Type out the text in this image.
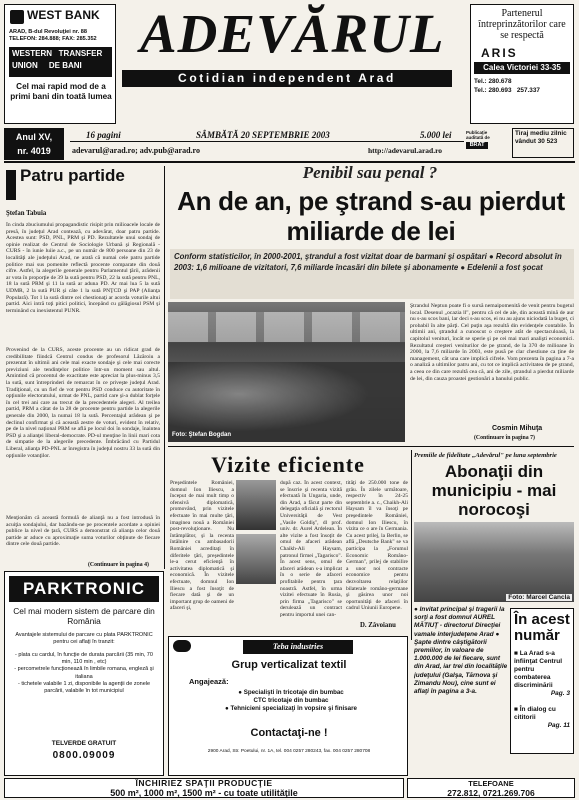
WEST BANK
ARAD, B-dul Revoluţiei nr. 88
TELEFON: 284.888; FAX: 285.352
WESTERN   TRANSFER
UNION     DE BANI
Cel mai rapid mod de a primi bani din toată lumea
ADEVĂRUL
Cotidian independent Arad
Partenerul întreprinzătorilor care se respectă
ARIS
Calea Victoriei 33-35
Tel.: 280.678
Tel.: 280.693   257.337
Anul XV,
nr. 4019
16 pagini	SÂMBĂTĂ 20 SEPTEMBRIE 2003	5.000 lei
adevarul@arad.ro; adv.pub@arad.ro	http://adevarul.arad.ro
Publicaţie auditată de
BRAT
Tiraj mediu zilnic vândut 30 523
Patru partide
Ştefan Tabuia
În cinda zbuciumului propagandistic risipit prin milioacele locale de presă, în judeţul Arad contează, cu adevărat, doar patru partide. Acestea sunt: PSD, PNL, PRM şi PD. Rezultatele unui sondaj de opinie realizat de Centrul de Sociologie Urbană şi Regională - CURS - în iunie luiie a.c., pe un număr de 800 persoane din 23 de localităţi ale judeţului Arad, ne arată că numai cele patru partide politice mai sus pomenite reflectă procente comparate din două cifre. Astfel, la alegerile generale pentru Parlamentul ţării, arădenii ar vota în proporţie de 39 la sută pentru PSD, 22 la sută pentru PNL, 18 la sută PRM şi 11 la sută ar aduna PD. Ar mai lua 5 la sută UDMR, 2 la sută PUR şi câte 1 la sută PNŢCD şi PAP (Alianţa Populară). Tot 1 la sută dintre cei chestionaţi ar acorda voturile altui partid. Aici intră toţi pitici politici, începând cu gălăgiosul PSM şi terminând cu inexistentul PUNR.
Provenind de la CURS, aceste procente au un ridicat grad de credibilitate fiindcă Centrul condus de profesorul Lăzăroiu a prezentat în ultimii ani cele mai exacte sondaje şi cele mai corecte previziuni ale tendinţelor politice într-un moment sau altul. Amintind că procentul de exactitate este apreciat la plus-minus 3,5 la sută, sunt întreprinderi de remarcat în ce priveşte judeţul Arad. Tradiţional, cu un fief de vot pentru PSD conduce cu autoritate în opţiunile electoratului, urmat de PNL, partid care şi-a dublat forţele în cel trei ani care au trecut de la precedentele alegeri. Al treilea partid, PRM a câtat de la 28 de procente pentru partide la alegerile generale din 2000, la numai 18 la sută. Percentajul arădean şi pe declinul confirmat şi că această zestre de voturi, evident în relativ, pe de la nivel naţional PRM se află pe locul doi în sondaje, înaintea PSD şi a alianţei liberal-democrate. PD-ul menţine în linii mari cota de simpatie de la alegerile precedente. Îmbrăcând cu Partidul Liberal, alianţa PD-PNL ar înregistra în judeţul nostru 33 la sută din opţiunile votanţilor.
Menţionăm că această formulă de alianţă nu a fost introdusă în acuiţia sondajului, dar bazându-ne pe procentele acordate a opiniei publice la nivel de ţară, CURS a demonstrat că alianţa celor două partide ar aduce cu aproximaţie suma voturilor obţinute de fiecare dintre cele două partide.
(Continuare în pagina 4)
Penibil sau penal ?
An de an, pe ştrand s-au pierdut miliarde de lei
Conform statisticilor, în 2000-2001, ştrandul a fost vizitat doar de barmani şi ospătari ● Record absolut în 2003: 1,6 milioane de vizitatori, 7,6 miliarde încasări din bilete şi abonamente ● Edelenii a fost şocat
Foto: Ştefan Bogdan
Ştrandul Neptun poate fi o sursă nemaipomenită de venit pentru bugetul local. Desenul „ocazia ll", pentru că cel de ale, din această mină de aur nu s-au scos bani, lar deci s-au scos, ei nu au ajuns niciodată la buget, ci probabil în alte părţi. Cel puţin aşa rezultă din evidenţele contabile. În ultimii ani, ştrandul a cunoscut o creştere atât de spectaculoasă, la capitolul venituri, încât se sperie şi pe cei mai mari analişti economici. Rezultatul creşteri veniturilor de pe ştrand, de la 370 de milioane în 2000, la 7,6 miliarde în 2003, este pusă pe clar chestiune ca ţine de management, cât una care implică cifrele. Vom prezenta în pagina a 7-a o analiză a ultimilor patru ani, cu tot ce implică activitatea de pe ştrand, a ceea ce din care rezultă cea că, ani de zile, ştrandul a pierdut miliarde de lei, din cauza proastei gestionări a banului public.
Cosmin Mihuţa
(Continuare în pagina 7)
Vizite eficiente
Preşedintele României, domnul Ion Iliescu, a început de mai mult timp o ofensivă diplomatică, promovând, prin vizitele efectuate în mai multe ţări, imaginea nouă a României post-revoluţionare. Nu întâmplător, şi la recenta întâlnire cu ambasadorii României acreditaţi în diferitele ţări, preşedintele le-a cerut eficienţă în activitatea diplomatică şi economică. În vizitele efectuate, domnul Ion Iliescu a fost însoţit de fiecare dată şi de un important grup de oameni de afaceri şi,
după caz. În acest context, se înscrie şi recenta vizită efectuată în Ungaria, unde, din Arad, a făcut parte din delegaţia oficială şi rectorul Universităţii de Vest „Vasile Goldiş", dl prof. univ. dr. Aurel Ardelean. În alte vizite a fost însoţit de omul de afaceri arădean Chaikh-Ali Haysam, patronul firmei „Tagarisco". În acest sens, omul de afaceri arădean s-a implicat în o serie de afaceri profitabile pentru ţara noastră. Astfel, în urma vizitei efectuate în Rusia, prin firma „Tagarisco" se derulează un contract pentru importul unei can-
tităţi de 250.000 tone de grâu. În zilele următoare, respectiv în 24-25 septembrie a. c., Chaikh-Ali Haysam îl va însoţi pe preşedintele României, domnul Ion Iliescu, în vizita ce o are în Germania. Cu acest prilej, la Berlin, se află „Deutsche Bank" se va participa la „Forumul Economic Româno-German", prilej de stabilire a unor noi contracte economice pentru dezvoltarea relaţiilor bilaterale româno-germane şi găsirea unor noi oportunităţi de afaceri în cadrul Uniunii Europene.
D. Zăvoianu
Premiile de fidelitate „Adevărul" pe luna septembrie
Abonaţii din municipiu - mai norocoşi
Foto: Marcel Cancla
● Invitat principal şi tragerii la sorţi a fost domnul AUREL MĂTIUŢ - directorul Direcţiei vamale interjudeţene Arad ● Şapte dintre câştigătorii premiilor, în valoare de 1.000.000 de lei fiecare, sunt din Arad, iar trei din localităţile judeţului (Galşa, Tărnova şi Zimandu Nou), cine sunt ei aflaţi în pagina a 3-a.
În acest număr
■ La Arad s-a înfiinţat Centrul pentru combaterea discriminării
Pag. 3
■ În dialog cu cititorii
Pag. 11
PARKTRONIC
Cel mai modern sistem de parcare din România
Avantajele sistemului de parcare cu plata PARKTRONIC pentru cei aflaţi în tranzit:
- plata cu cardul, în funcţie de durata parcării (35 min, 70 min, 110 min , etc)
- percometrele funcţionează în limbile romana, engleză şi italiana
- tichetele valabile 1 zi, disponibile la agenţii de zonele parcării, valabile în tot municipiul
TELVERDE GRATUIT
0800.09009
Teba industries
Grup verticalizat textil
Angajează:
● Specialişti în tricotaje din bumbac
CTC tricotaje din bumbac
● Tehnicieni specializaţi în vopsire şi finisare
Contactaţi-ne !
2900 Arad, Str. Poetului, nr. 1A, tel. 004 0257 280243, fax. 004 0257 280708
ÎNCHIRIEZ SPAŢII PRODUCŢIE
500 m², 1000 m², 1500 m² - cu toate utilităţile
TELEFOANE
272.812, 0721.269.706
